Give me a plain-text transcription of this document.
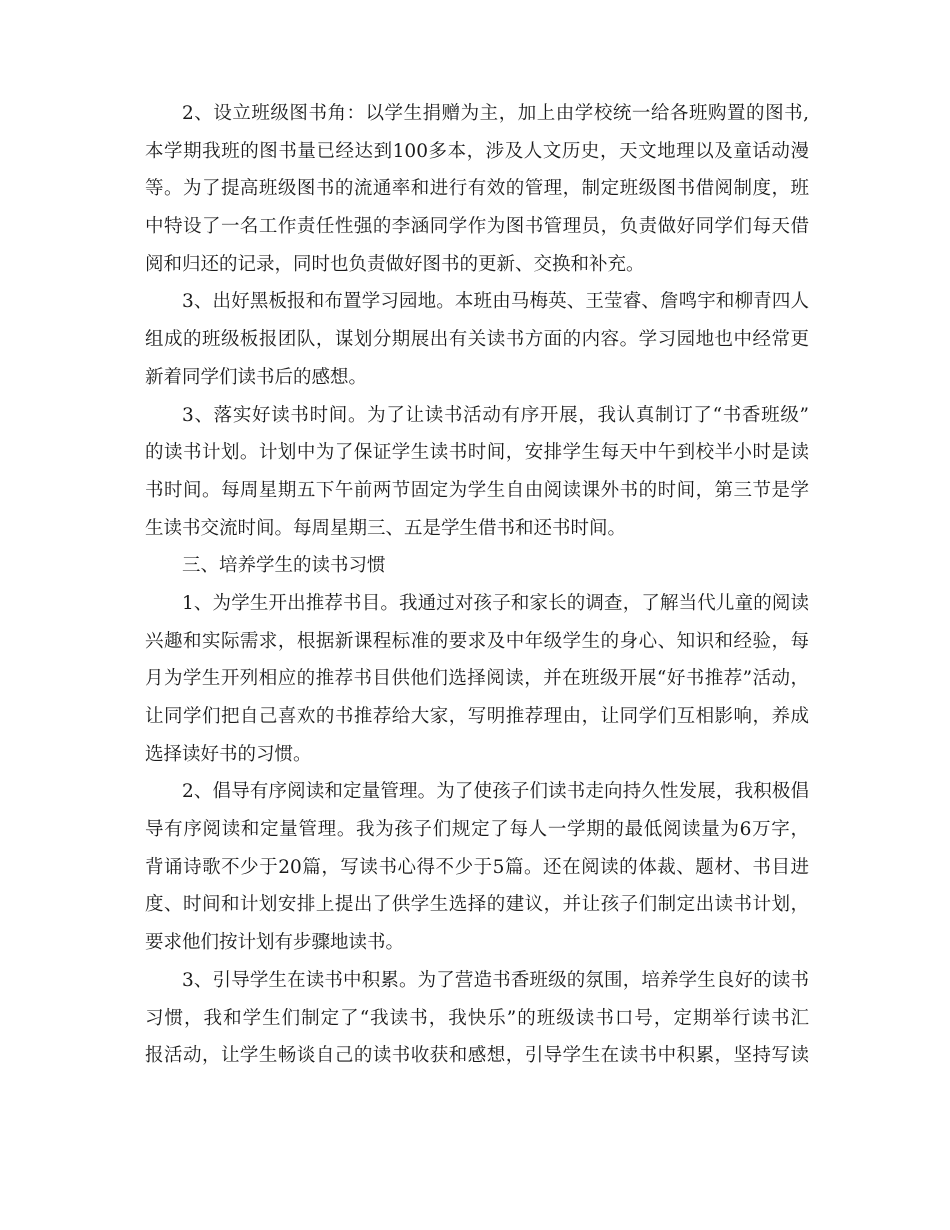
2、设立班级图书角：以学生捐赠为主，加上由学校统一给各班购置的图书,
本学期我班的图书量已经达到100多本，涉及人文历史，天文地理以及童话动漫
等。为了提高班级图书的流通率和进行有效的管理，制定班级图书借阅制度，班
中特设了一名工作责任性强的李涵同学作为图书管理员，负责做好同学们每天借
阅和归还的记录，同时也负责做好图书的更新、交换和补充。
3、出好黑板报和布置学习园地。本班由马梅英、王莹睿、詹鸣宇和柳青四人
组成的班级板报团队，谋划分期展出有关读书方面的内容。学习园地也中经常更
新着同学们读书后的感想。
3、落实好读书时间。为了让读书活动有序开展，我认真制订了“书香班级”
的读书计划。计划中为了保证学生读书时间，安排学生每天中午到校半小时是读
书时间。每周星期五下午前两节固定为学生自由阅读课外书的时间，第三节是学
生读书交流时间。每周星期三、五是学生借书和还书时间。
三、培养学生的读书习惯
1、为学生开出推荐书目。我通过对孩子和家长的调查，了解当代儿童的阅读
兴趣和实际需求，根据新课程标准的要求及中年级学生的身心、知识和经验，每
月为学生开列相应的推荐书目供他们选择阅读，并在班级开展“好书推荐”活动，
让同学们把自己喜欢的书推荐给大家，写明推荐理由，让同学们互相影响，养成
选择读好书的习惯。
2、倡导有序阅读和定量管理。为了使孩子们读书走向持久性发展，我积极倡
导有序阅读和定量管理。我为孩子们规定了每人一学期的最低阅读量为6万字，
背诵诗歌不少于20篇，写读书心得不少于5篇。还在阅读的体裁、题材、书目进
度、时间和计划安排上提出了供学生选择的建议，并让孩子们制定出读书计划，
要求他们按计划有步骤地读书。
3、引导学生在读书中积累。为了营造书香班级的氛围，培养学生良好的读书
习惯，我和学生们制定了“我读书，我快乐”的班级读书口号，定期举行读书汇
报活动，让学生畅谈自己的读书收获和感想，引导学生在读书中积累，坚持写读
